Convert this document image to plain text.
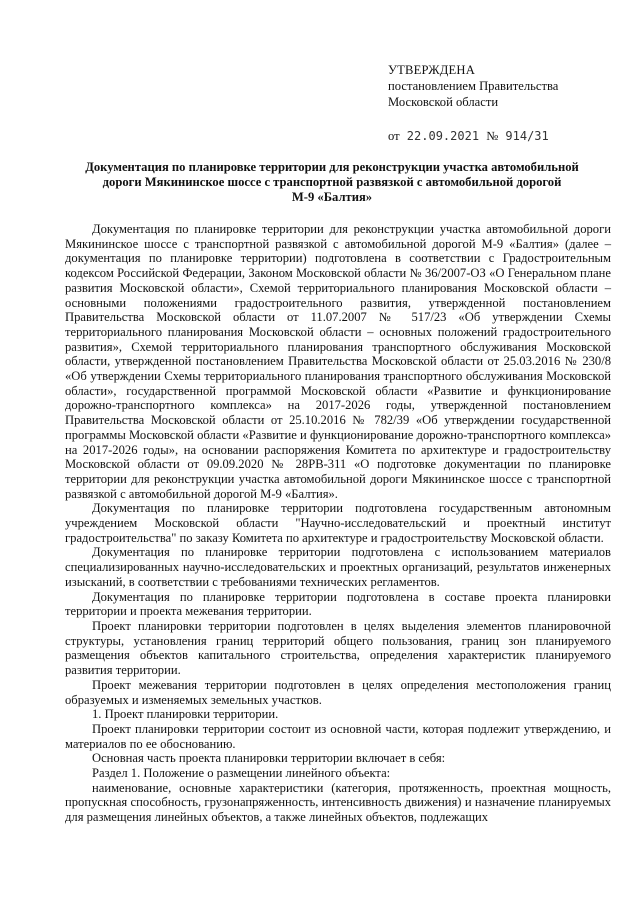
УТВЕРЖДЕНА
постановлением Правительства
Московской области
от 22.09.2021 № 914/31
Документация по планировке территории для реконструкции участка автомобильной
дороги Мякининское шоссе с транспортной развязкой с автомобильной дорогой
М-9 «Балтия»

Документация по планировке территории для реконструкции участка автомобильной дороги Мякининское шоссе с транспортной развязкой с автомобильной дорогой М-9 «Балтия» (далее – документация по планировке территории) подготовлена в соответствии с Градостроительным кодексом Российской Федерации, Законом Московской области № 36/2007-ОЗ «О Генеральном плане развития Московской области», Схемой территориального планирования Московской области – основными положениями градостроительного развития, утвержденной постановлением Правительства Московской области от 11.07.2007 № 517/23 «Об утверждении Схемы территориального планирования Московской области – основных положений градостроительного развития», Схемой территориального планирования транспортного обслуживания Московской области, утвержденной постановлением Правительства Московской области от 25.03.2016 № 230/8 «Об утверждении Схемы территориального планирования транспортного обслуживания Московской области», государственной программой Московской области «Развитие и функционирование дорожно-транспортного комплекса» на 2017-2026 годы, утвержденной постановлением Правительства Московской области от 25.10.2016 № 782/39 «Об утверждении государственной программы Московской области «Развитие и функционирование дорожно-транспортного комплекса» на 2017-2026 годы», на основании распоряжения Комитета по архитектуре и градостроительству Московской области от 09.09.2020 № 28РВ-311 «О подготовке документации по планировке территории для реконструкции участка автомобильной дороги Мякининское шоссе с транспортной развязкой с автомобильной дорогой М-9 «Балтия».

Документация по планировке территории подготовлена государственным автономным учреждением Московской области "Научно-исследовательский и проектный институт градостроительства" по заказу Комитета по архитектуре и градостроительству Московской области.

Документация по планировке территории подготовлена с использованием материалов специализированных научно-исследовательских и проектных организаций, результатов инженерных изысканий, в соответствии с требованиями технических регламентов.

Документация по планировке территории подготовлена в составе проекта планировки территории и проекта межевания территории.

Проект планировки территории подготовлен в целях выделения элементов планировочной структуры, установления границ территорий общего пользования, границ зон планируемого размещения объектов капитального строительства, определения характеристик планируемого развития территории.

Проект межевания территории подготовлен в целях определения местоположения границ образуемых и изменяемых земельных участков.

1. Проект планировки территории.

Проект планировки территории состоит из основной части, которая подлежит утверждению, и материалов по ее обоснованию.

Основная часть проекта планировки территории включает в себя:

Раздел 1. Положение о размещении линейного объекта:

наименование, основные характеристики (категория, протяженность, проектная мощность, пропускная способность, грузонапряженность, интенсивность движения) и назначение планируемых для размещения линейных объектов, а также линейных объектов, подлежащих
